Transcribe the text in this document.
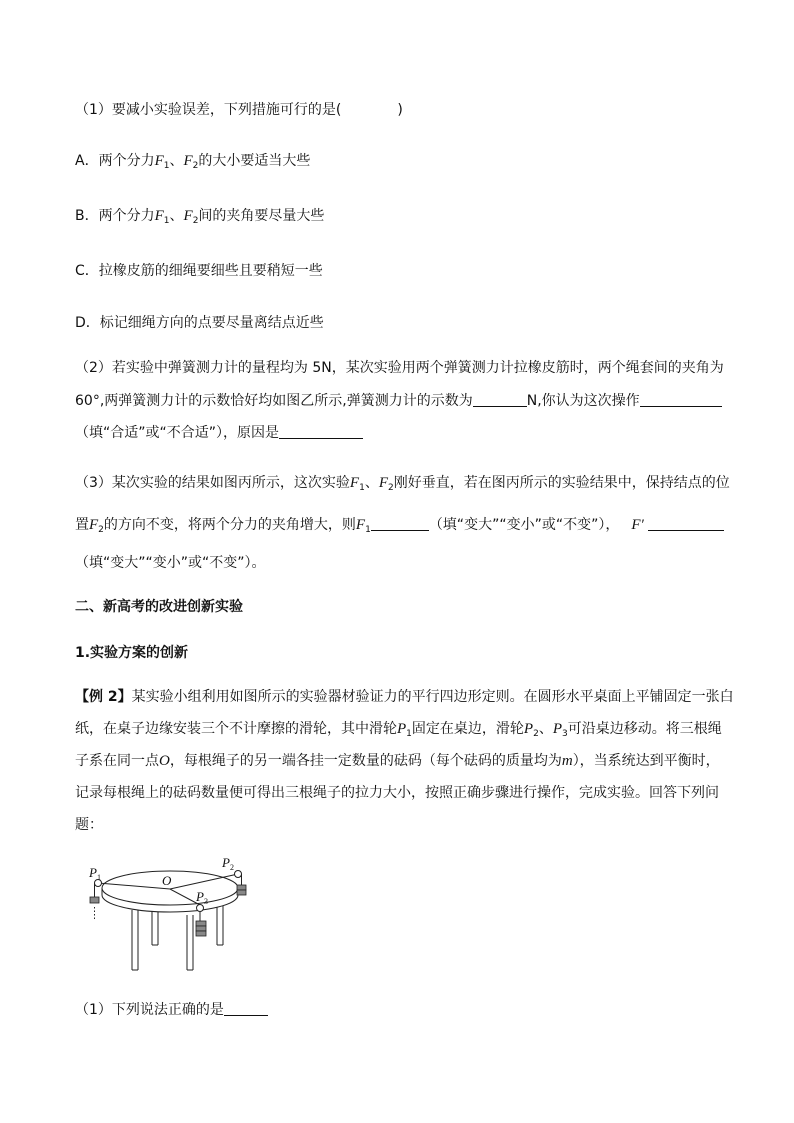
（1）要减小实验误差，下列措施可行的是(	)
A．两个分力$F_1$、$F_2$的大小要适当大些
B．两个分力$F_1$、$F_2$间的夹角要尽量大些
C．拉橡皮筋的细绳要细些且要稍短一些
D．标记细绳方向的点要尽量离结点近些
（2）若实验中弹簧测力计的量程均为 5N，某次实验用两个弹簧测力计拉橡皮筋时，两个绳套间的夹角为
60°,两弹簧测力计的示数恰好均如图乙所示,弹簧测力计的示数为	N,你认为这次操作
（填“合适”或“不合适”），原因是
（3）某次实验的结果如图丙所示，这次实验$F_1$、$F_2$刚好垂直，若在图丙所示的实验结果中，保持结点的位
置$F_2$的方向不变，将两个分力的夹角增大，则$F_1$	（填“变大”“变小”或“不变”）， F′
（填“变大”“变小”或“不变”）。
二、新高考的改进创新实验
1.实验方案的创新
【例 2】某实验小组利用如图所示的实验器材验证力的平行四边形定则。在圆形水平桌面上平铺固定一张白
纸，在桌子边缘安装三个不计摩擦的滑轮，其中滑轮$P_1$固定在桌边，滑轮$P_2$、$P_3$可沿桌边移动。将三根绳
子系在同一点O，每根绳子的另一端各挂一定数量的砝码（每个砝码的质量均为m），当系统达到平衡时，
记录每根绳上的砝码数量便可得出三根绳子的拉力大小，按照正确步骤进行操作，完成实验。回答下列问
题：
P 1
P 2
P 3
O
（1）下列说法正确的是
